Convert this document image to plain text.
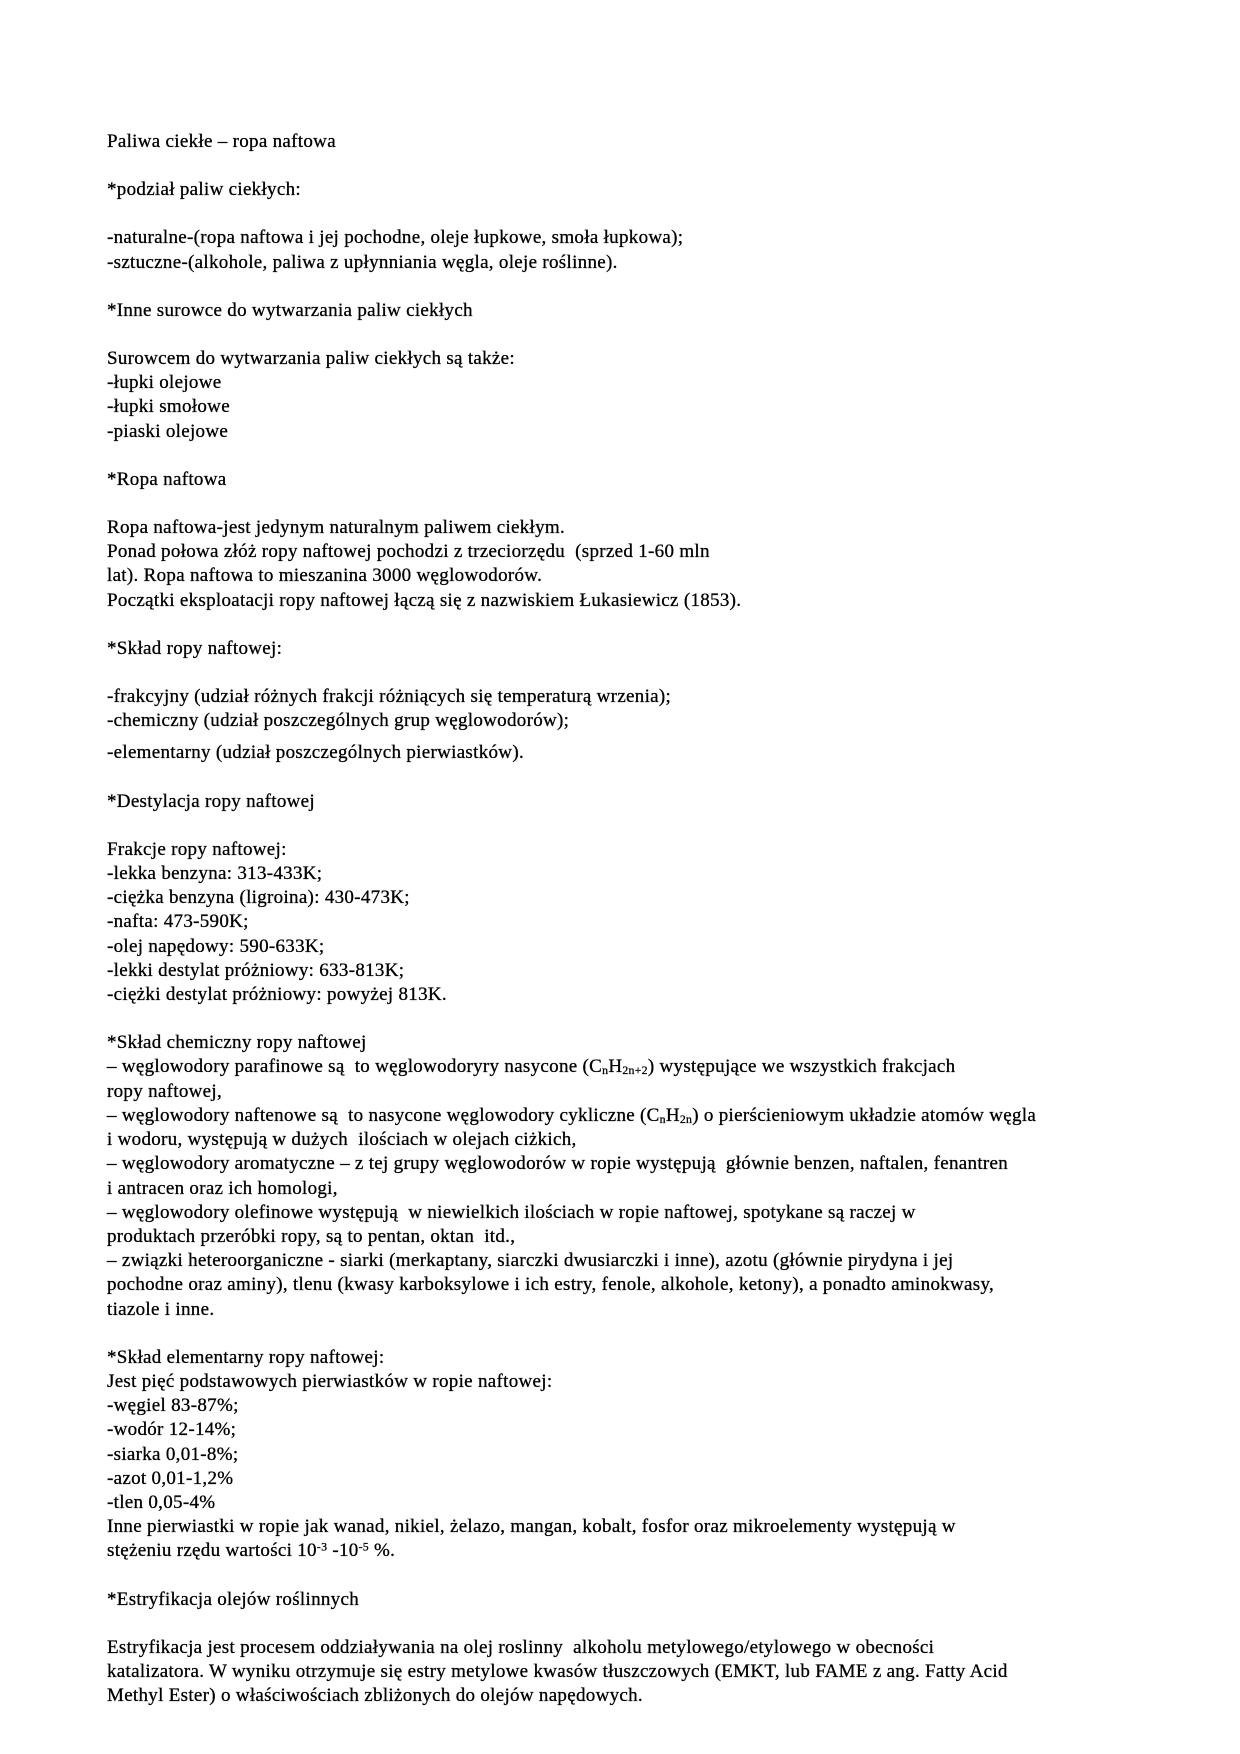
Paliwa ciekłe – ropa naftowa
*podział paliw ciekłych:
-naturalne-(ropa naftowa i jej pochodne, oleje łupkowe, smoła łupkowa);
-sztuczne-(alkohole, paliwa z upłynniania węgla, oleje roślinne).
*Inne surowce do wytwarzania paliw ciekłych
Surowcem do wytwarzania paliw ciekłych są także:
-łupki olejowe
-łupki smołowe
-piaski olejowe
*Ropa naftowa
Ropa naftowa-jest jedynym naturalnym paliwem ciekłym.
Ponad połowa złóż ropy naftowej pochodzi z trzeciorzędu  (sprzed 1-60 mln
lat). Ropa naftowa to mieszanina 3000 węglowodorów.
Początki eksploatacji ropy naftowej łączą się z nazwiskiem Łukasiewicz (1853).
*Skład ropy naftowej:
-frakcyjny (udział różnych frakcji różniących się temperaturą wrzenia);
-chemiczny (udział poszczególnych grup węglowodorów);
-elementarny (udział poszczególnych pierwiastków).
*Destylacja ropy naftowej
Frakcje ropy naftowej:
-lekka benzyna: 313-433K;
-ciężka benzyna (ligroina): 430-473K;
-nafta: 473-590K;
-olej napędowy: 590-633K;
-lekki destylat próżniowy: 633-813K;
-ciężki destylat próżniowy: powyżej 813K.
*Skład chemiczny ropy naftowej
– węglowodory parafinowe są  to węglowodoryry nasycone $(C_nH_{2n+2})$ występujące we wszystkich frakcjach
ropy naftowej,
– węglowodory naftenowe są  to nasycone węglowodory cykliczne $(C_nH_{2n})$ o pierścieniowym układzie atomów węgla
i wodoru, występują w dużych  ilościach w olejach ciżkich,
– węglowodory aromatyczne – z tej grupy węglowodorów w ropie występują  głównie benzen, naftalen, fenantren
i antracen oraz ich homologi,
– węglowodory olefinowe występują  w niewielkich ilościach w ropie naftowej, spotykane są raczej w
produktach przeróbki ropy, są to pentan, oktan  itd.,
– związki heteroorganiczne - siarki (merkaptany, siarczki dwusiarczki i inne), azotu (głównie pirydyna i jej
pochodne oraz aminy), tlenu (kwasy karboksylowe i ich estry, fenole, alkohole, ketony), a ponadto aminokwasy,
tiazole i inne.
*Skład elementarny ropy naftowej:
Jest pięć podstawowych pierwiastków w ropie naftowej:
-węgiel 83-87%;
-wodór 12-14%;
-siarka 0,01-8%;
-azot 0,01-1,2%
-tlen 0,05-4%
Inne pierwiastki w ropie jak wanad, nikiel, żelazo, mangan, kobalt, fosfor oraz mikroelementy występują w
stężeniu rzędu wartości $10^{-3}$ $-10^{-5}$ %.
*Estryfikacja olejów roślinnych
Estryfikacja jest procesem oddziaływania na olej roslinny  alkoholu metylowego/etylowego w obecności
katalizatora. W wyniku otrzymuje się estry metylowe kwasów tłuszczowych (EMKT, lub FAME z ang. Fatty Acid
Methyl Ester) o właściwościach zbliżonych do olejów napędowych.
